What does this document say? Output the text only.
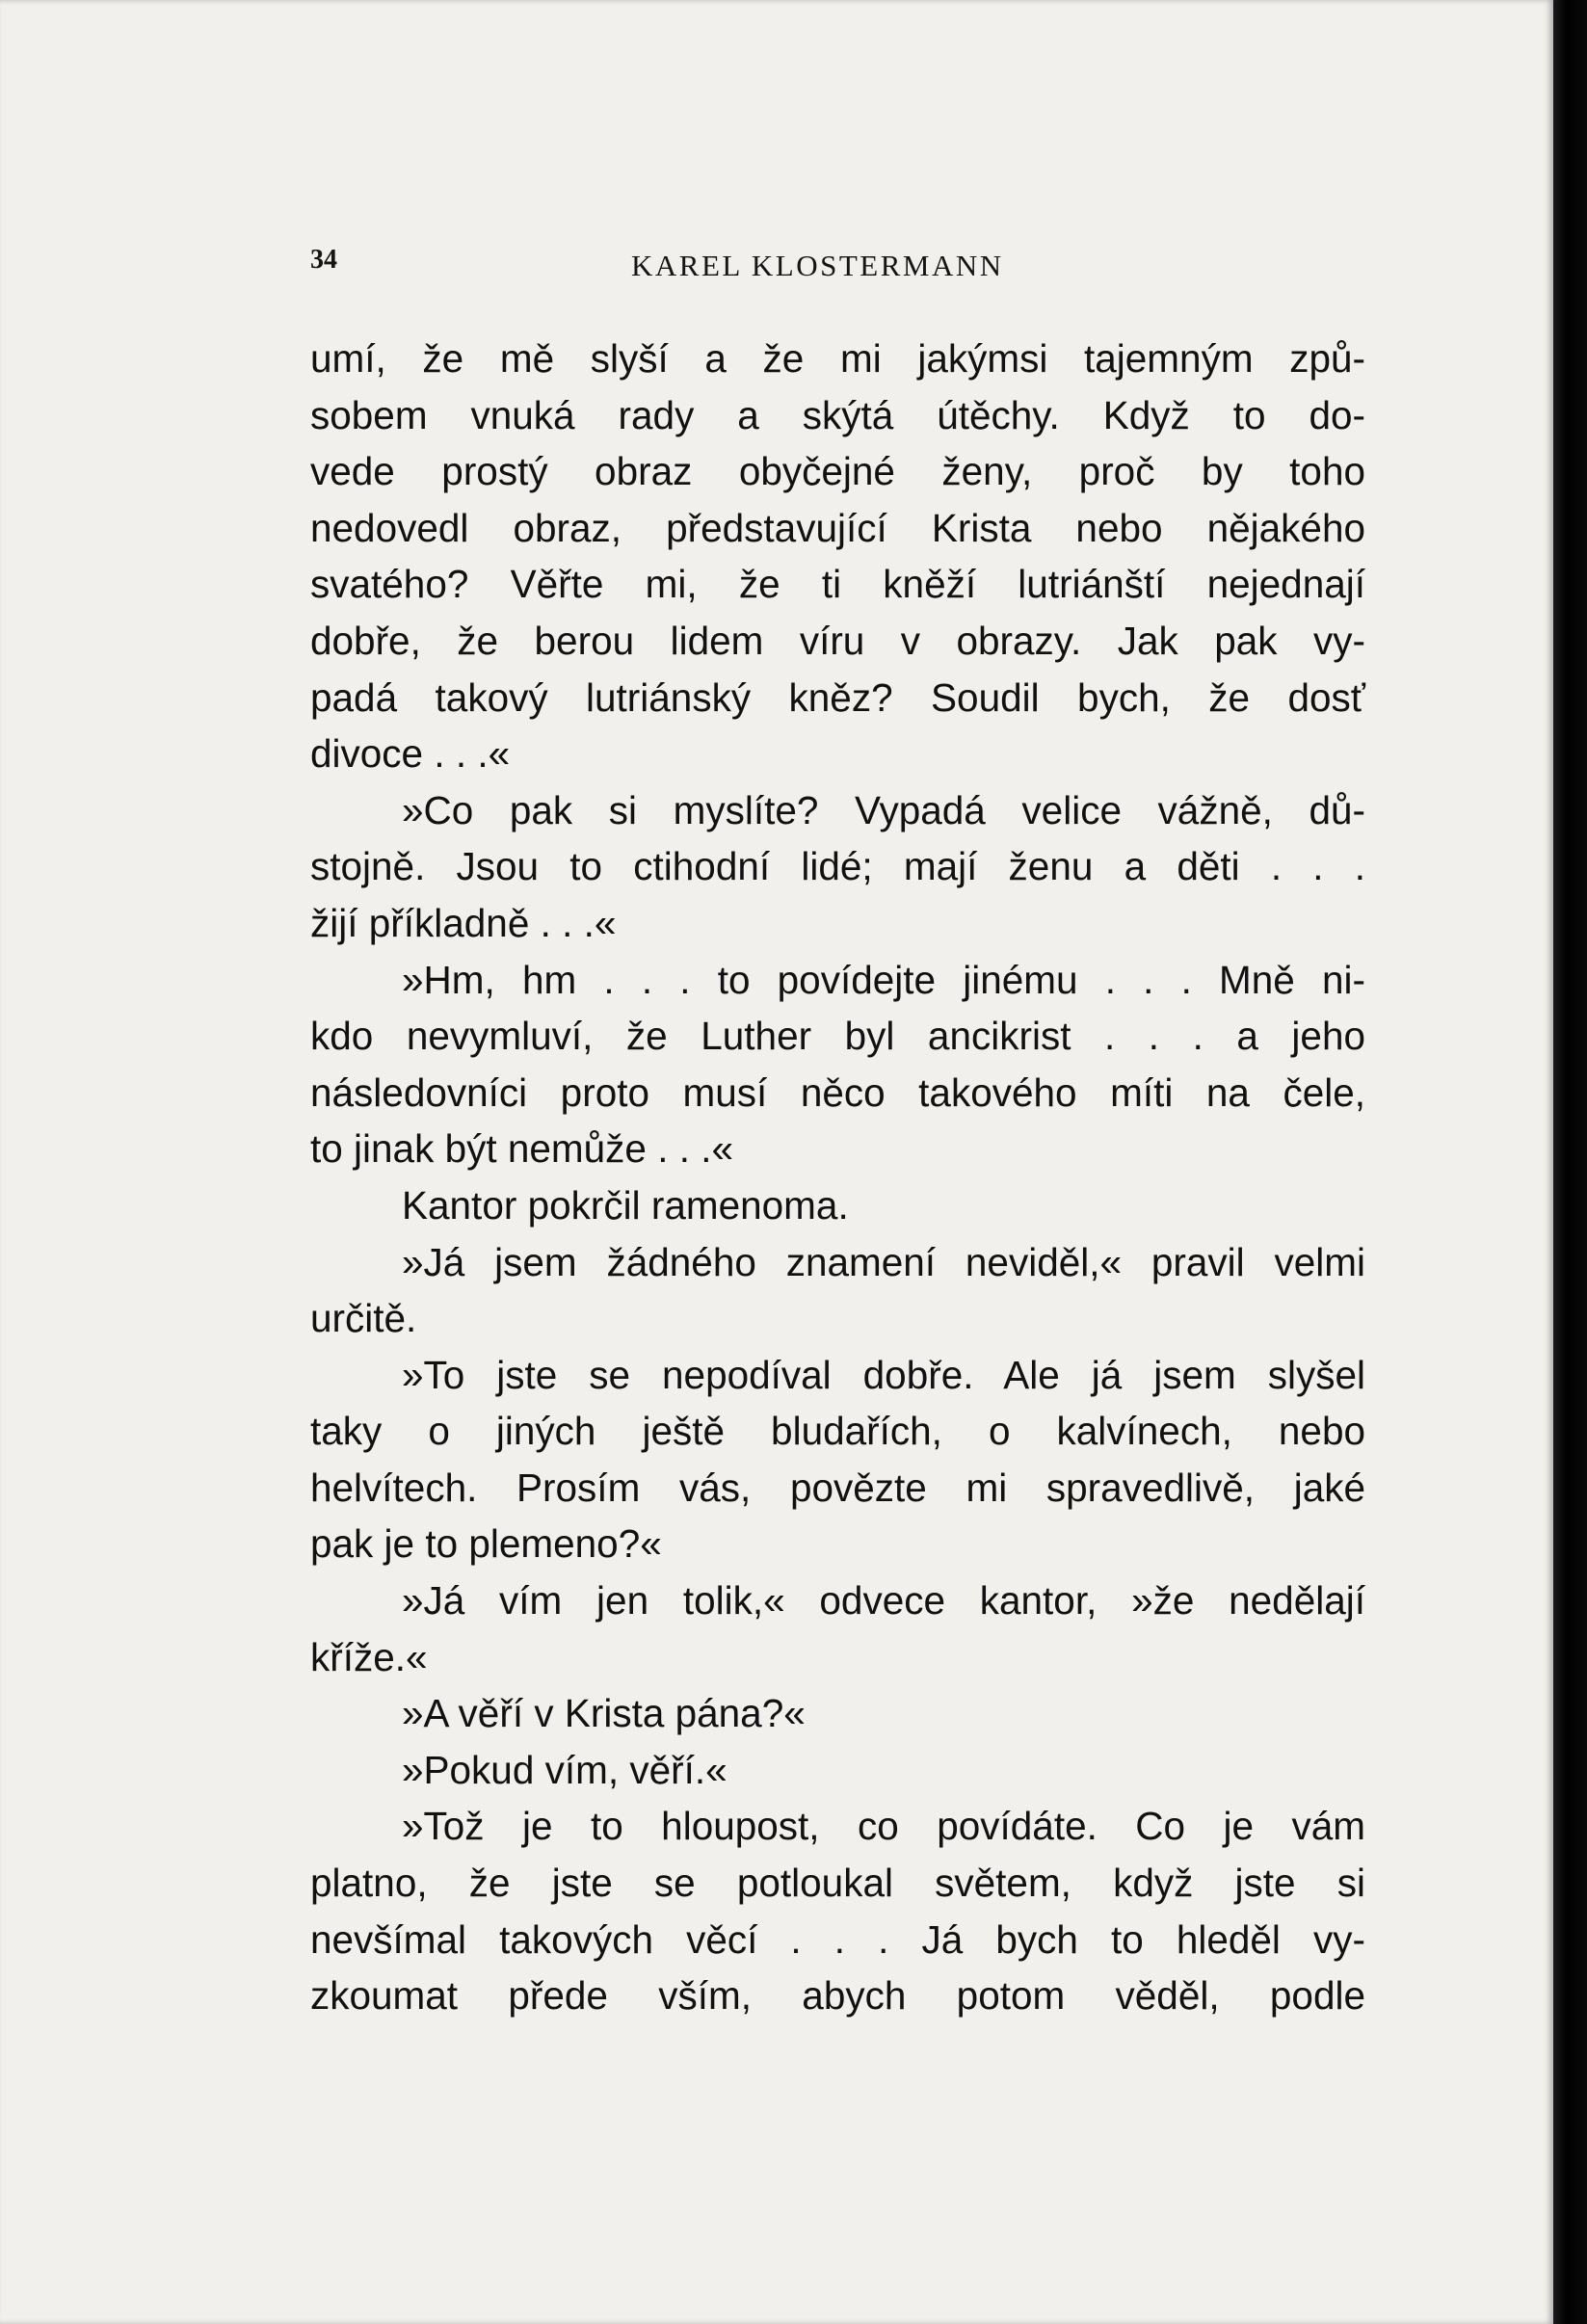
34	KAREL KLOSTERMANN
umí, že mě slyší a že mi jakýmsi tajemným způ-
sobem vnuká rady a skýtá útěchy. Když to do-
vede prostý obraz obyčejné ženy, proč by toho
nedovedl obraz, představující Krista nebo nějakého
svatého? Věřte mi, že ti kněží lutriánští nejednají
dobře, že berou lidem víru v obrazy. Jak pak vy-
padá takový lutriánský kněz? Soudil bych, že dosť
divoce . . .«
»Co pak si myslíte? Vypadá velice vážně, dů-
stojně. Jsou to ctihodní lidé; mají ženu a děti . . .
žijí příkladně . . .«
»Hm, hm . . . to povídejte jinému . . . Mně ni-
kdo nevymluví, že Luther byl ancikrist . . . a jeho
následovníci proto musí něco takového míti na čele,
to jinak být nemůže . . .«
Kantor pokrčil ramenoma.
»Já jsem žádného znamení neviděl,« pravil velmi
určitě.
»To jste se nepodíval dobře. Ale já jsem slyšel
taky o jiných ještě bludařích, o kalvínech, nebo
helvítech. Prosím vás, povězte mi spravedlivě, jaké
pak je to plemeno?«
»Já vím jen tolik,« odvece kantor, »že nedělají
kříže.«
»A věří v Krista pána?«
»Pokud vím, věří.«
»Tož je to hloupost, co povídáte. Co je vám
platno, že jste se potloukal světem, když jste si
nevšímal takových věcí . . . Já bych to hleděl vy-
zkoumat přede vším, abych potom věděl, podle
